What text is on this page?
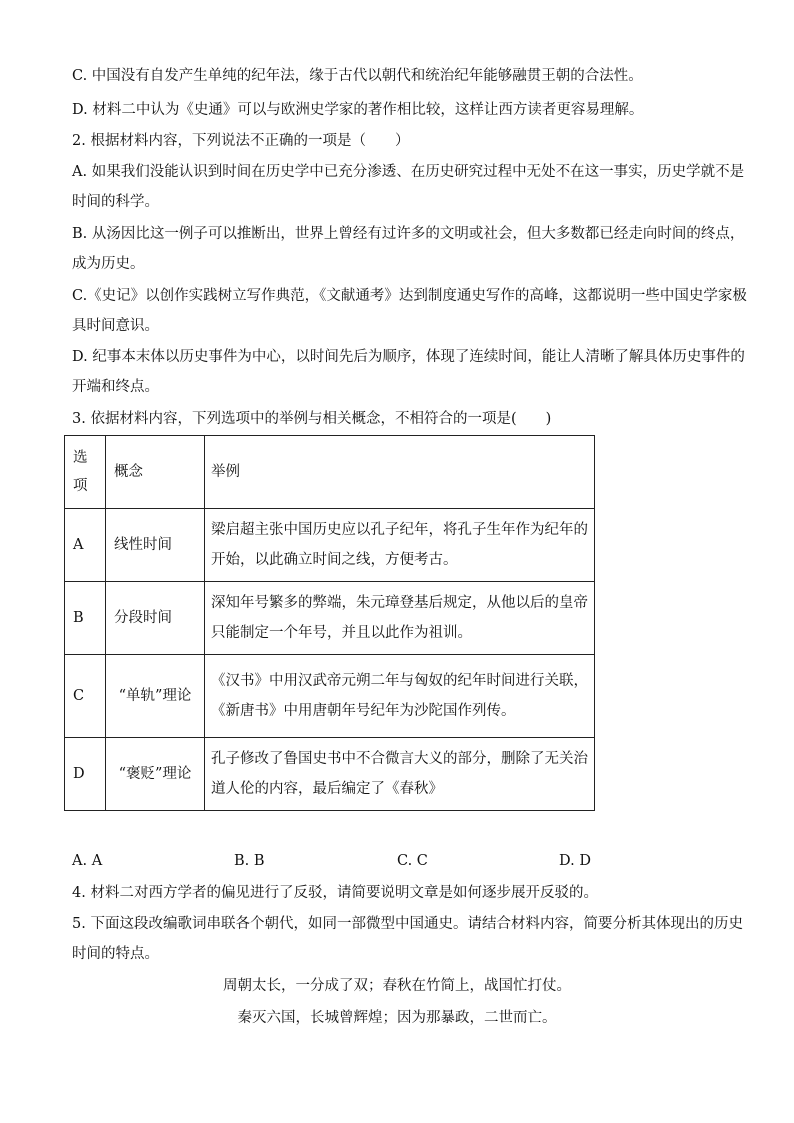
C. 中国没有自发产生单纯的纪年法，缘于古代以朝代和统治纪年能够融贯王朝的合法性。
D. 材料二中认为《史通》可以与欧洲史学家的著作相比较，这样让西方读者更容易理解。
2. 根据材料内容，下列说法不正确的一项是（　　）
A. 如果我们没能认识到时间在历史学中已充分渗透、在历史研究过程中无处不在这一事实，历史学就不是
时间的科学。
B. 从汤因比这一例子可以推断出，世界上曾经有过许多的文明或社会，但大多数都已经走向时间的终点，
成为历史。
C.《史记》以创作实践树立写作典范，《文献通考》达到制度通史写作的高峰，这都说明一些中国史学家极
具时间意识。
D. 纪事本末体以历史事件为中心，以时间先后为顺序，体现了连续时间，能让人清晰了解具体历史事件的
开端和终点。
3. 依据材料内容，下列选项中的举例与相关概念，不相符合的一项是(　　)
选项	概念	举例
A	线性时间	梁启超主张中国历史应以孔子纪年，将孔子生年作为纪年的开始，以此确立时间之线，方便考古。
B	分段时间	深知年号繁多的弊端，朱元璋登基后规定，从他以后的皇帝只能制定一个年号，并且以此作为祖训。
C	“单轨”理论	《汉书》中用汉武帝元朔二年与匈奴的纪年时间进行关联，《新唐书》中用唐朝年号纪年为沙陀国作列传。
D	“褒贬”理论	孔子修改了鲁国史书中不合微言大义的部分，删除了无关治道人伦的内容，最后编定了《春秋》
A. A	B. B	C. C	D. D
4. 材料二对西方学者的偏见进行了反驳，请简要说明文章是如何逐步展开反驳的。
5. 下面这段改编歌词串联各个朝代，如同一部微型中国通史。请结合材料内容，简要分析其体现出的历史
时间的特点。
周朝太长，一分成了双；春秋在竹简上，战国忙打仗。
秦灭六国，长城曾辉煌；因为那暴政，二世而亡。
